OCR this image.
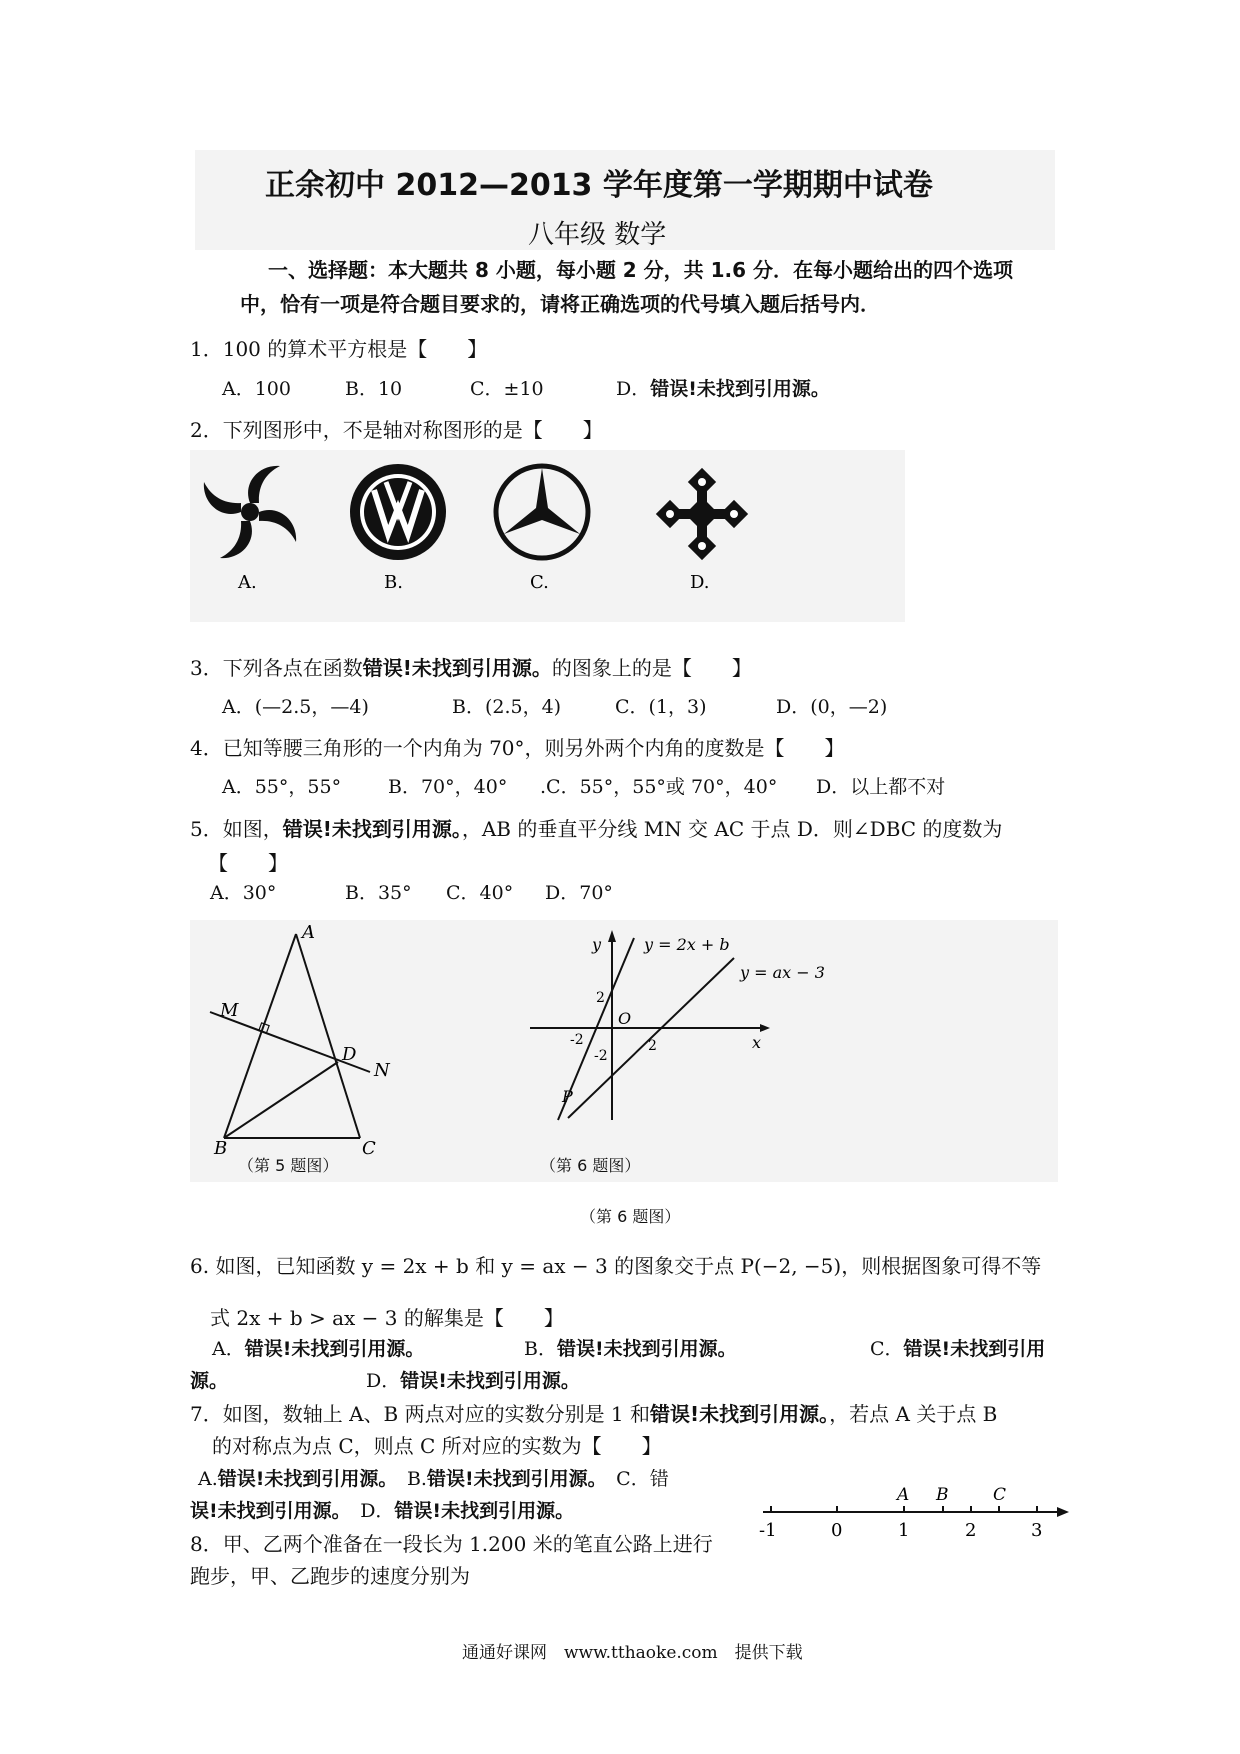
正余初中 2012—2013 学年度第一学期期中试卷
八年级 数学
一、选择题：本大题共 8 小题，每小题 2 分，共 1.6 分．在每小题给出的四个选项
中，恰有一项是符合题目要求的，请将正确选项的代号填入题后括号内．
1．100 的算术平方根是【　　】
A．100	B．10	C．±10	D．错误!未找到引用源。
2．下列图形中，不是轴对称图形的是【　　】
A.	B.	C.	D.
3．下列各点在函数错误!未找到引用源。的图象上的是【　　】
A．(—2.5，—4)	B．(2.5，4)	C．(1，3)	D．(0，—2)
4．已知等腰三角形的一个内角为 70°，则另外两个内角的度数是【　　】
A．55°，55° B．70°，40° .C．55°，55°或 70°，40° D．以上都不对
5．如图，错误!未找到引用源。，AB 的垂直平分线 MN 交 AC 于点 D．则∠DBC 的度数为
【　　】
A．30°	B．35° C．40° D．70°
A
M
D
N
B	C
（第 5 题图）
y
x
O
P
y = 2x + b
y = ax − 3
2
-2
-2	2
（第 6 题图）
（第 6 题图）
6. 如图，已知函数 y = 2x + b 和 y = ax − 3 的图象交于点 P(−2, −5)，则根据图象可得不等
式 2x + b > ax − 3 的解集是【　　】
A．错误!未找到引用源。	B．错误!未找到引用源。	C．错误!未找到引用
源。	D．错误!未找到引用源。
7．如图，数轴上 A、B 两点对应的实数分别是 1 和错误!未找到引用源。，若点 A 关于点 B
的对称点为点 C，则点 C 所对应的实数为【　　】
A.错误!未找到引用源。　 B.错误!未找到引用源。　 C．错
误!未找到引用源。　 D．错误!未找到引用源。
-1	0	1	2	3
A B	C
8．甲、乙两个准备在一段长为 1.200 米的笔直公路上进行
跑步，甲、乙跑步的速度分别为
通通好课网　www.tthaoke.com　提供下载
